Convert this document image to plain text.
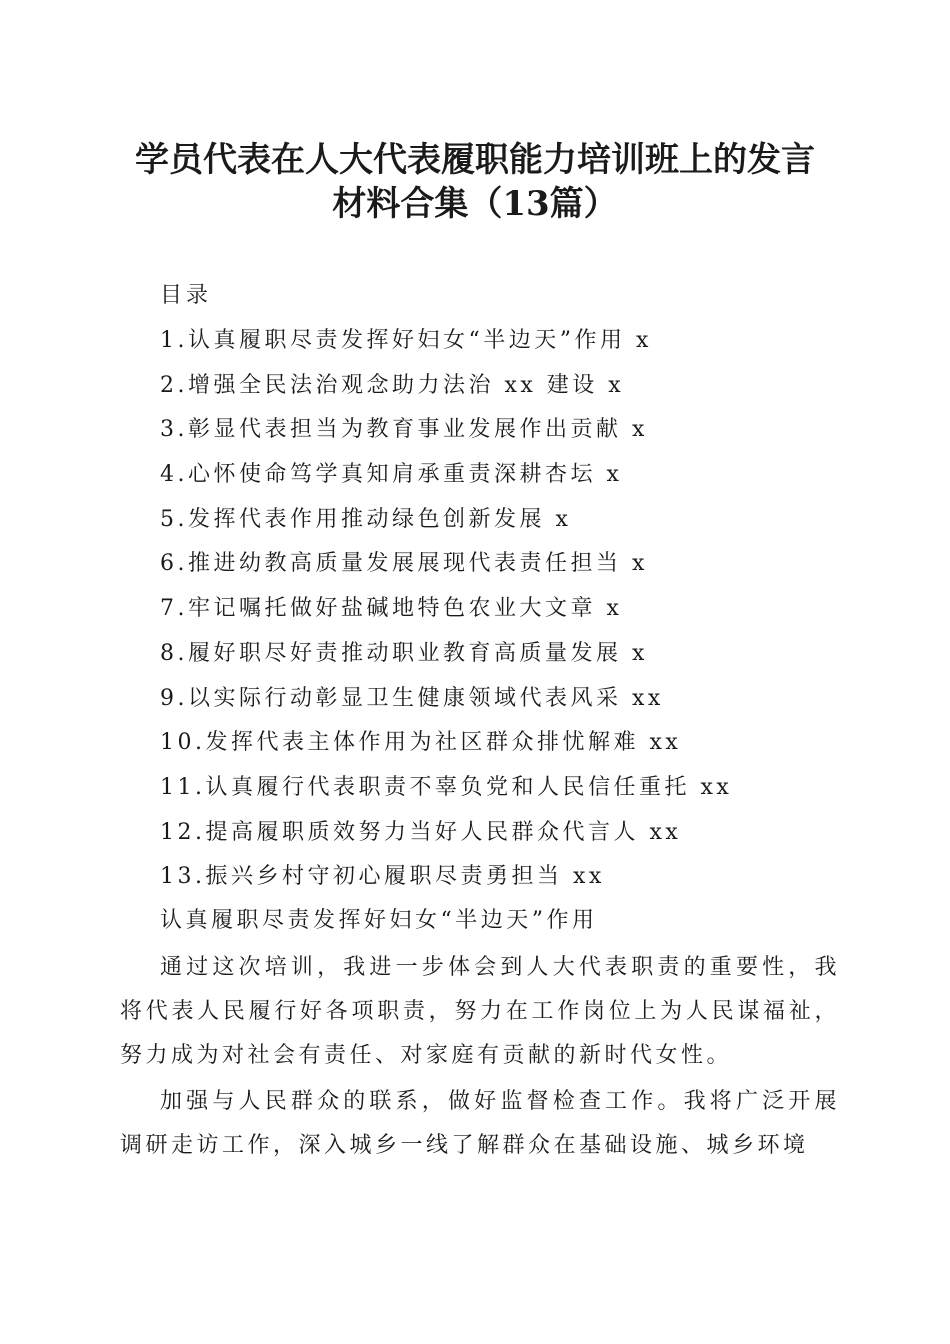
学员代表在人大代表履职能力培训班上的发言
材料合集（13篇）
目录
1.认真履职尽责发挥好妇女“半边天”作用 x
2.增强全民法治观念助力法治 xx 建设 x
3.彰显代表担当为教育事业发展作出贡献 x
4.心怀使命笃学真知肩承重责深耕杏坛 x
5.发挥代表作用推动绿色创新发展 x
6.推进幼教高质量发展展现代表责任担当 x
7.牢记嘱托做好盐碱地特色农业大文章 x
8.履好职尽好责推动职业教育高质量发展 x
9.以实际行动彰显卫生健康领域代表风采 xx
10.发挥代表主体作用为社区群众排忧解难 xx
11.认真履行代表职责不辜负党和人民信任重托 xx
12.提高履职质效努力当好人民群众代言人 xx
13.振兴乡村守初心履职尽责勇担当 xx
认真履职尽责发挥好妇女“半边天”作用

通过这次培训，我进一步体会到人大代表职责的重要性，我将代表人民履行好各项职责，努力在工作岗位上为人民谋福祉，努力成为对社会有责任、对家庭有贡献的新时代女性。

加强与人民群众的联系，做好监督检查工作。我将广泛开展调研走访工作，深入城乡一线了解群众在基础设施、城乡环境
